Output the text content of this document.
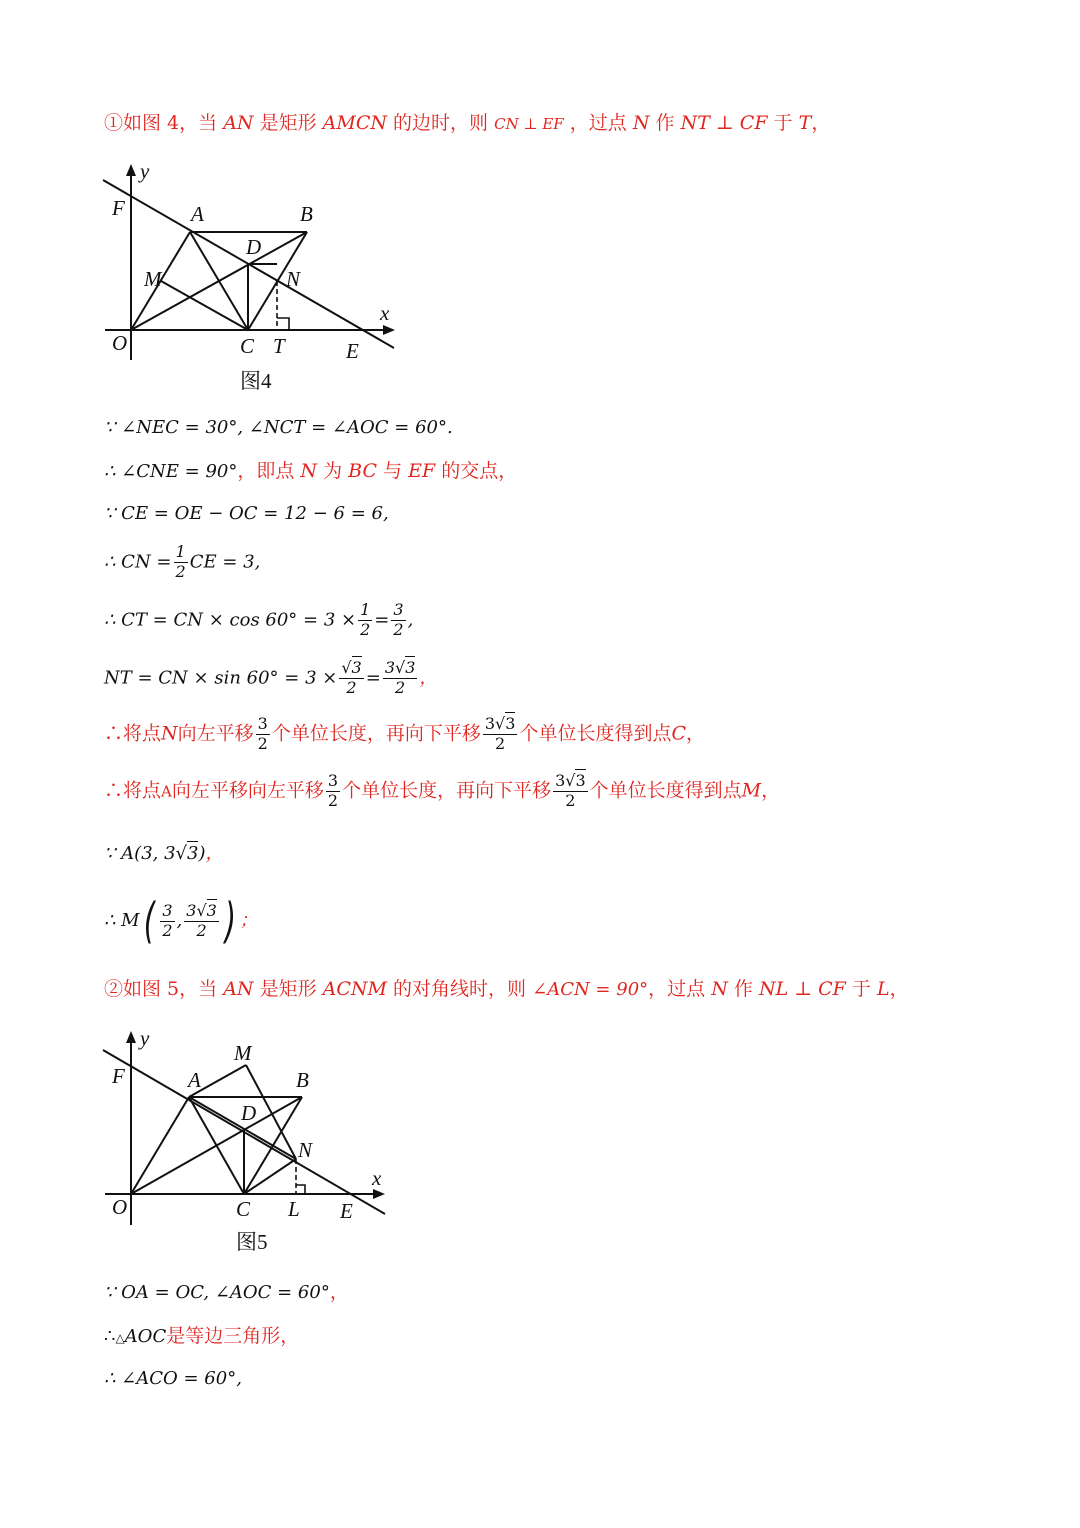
①如图 4，当 AN 是矩形 AMCN 的边时，则 CN ⊥ EF ，过点 N 作 NT ⊥ CF 于 T，
y
x
F	A	B
D
M	N
O	C T	E
图4
∵ ∠NEC = 30°, ∠NCT = ∠AOC = 60°.
∴ ∠CNE = 90°，即点 N 为 BC 与 EF 的交点，
∵ CE = OE − OC = 12 − 6 = 6,
∴ CN = $\frac{1}{2}$ CE = 3,
∴ CT = CN × $\cos 60^\circ = 3 \times \frac{1}{2} = \frac{3}{2}$ ,
NT = CN × $\sin 60^\circ = 3 \times \frac{√3}{2} = \frac{3√3}{2}$ ，
∴将点N向左平移 $\frac{3}{2}$ 个单位长度，再向下平移 $\frac{3√3}{2}$ 个单位长度得到点C，
∴将点A向左平移向左平移 $\frac{3}{2}$ 个单位长度，再向下平移 $\frac{3√3}{2}$ 个单位长度得到点M，
∵ A(3, 3√3)，
∴ $M( \frac{3}{2}$ , $\frac{3√3}{2}$ ) ；
②如图 5，当 AN 是矩形 ACNM 的对角线时，则 ∠ACN = 90°，过点 N 作 NL ⊥ CF 于 L，
y
x
F	A
M
B
D
N
O	C L E
图5
∵ OA = OC, ∠AOC = 60°，
∴△AOC是等边三角形，
∴ ∠ACO = 60°,
